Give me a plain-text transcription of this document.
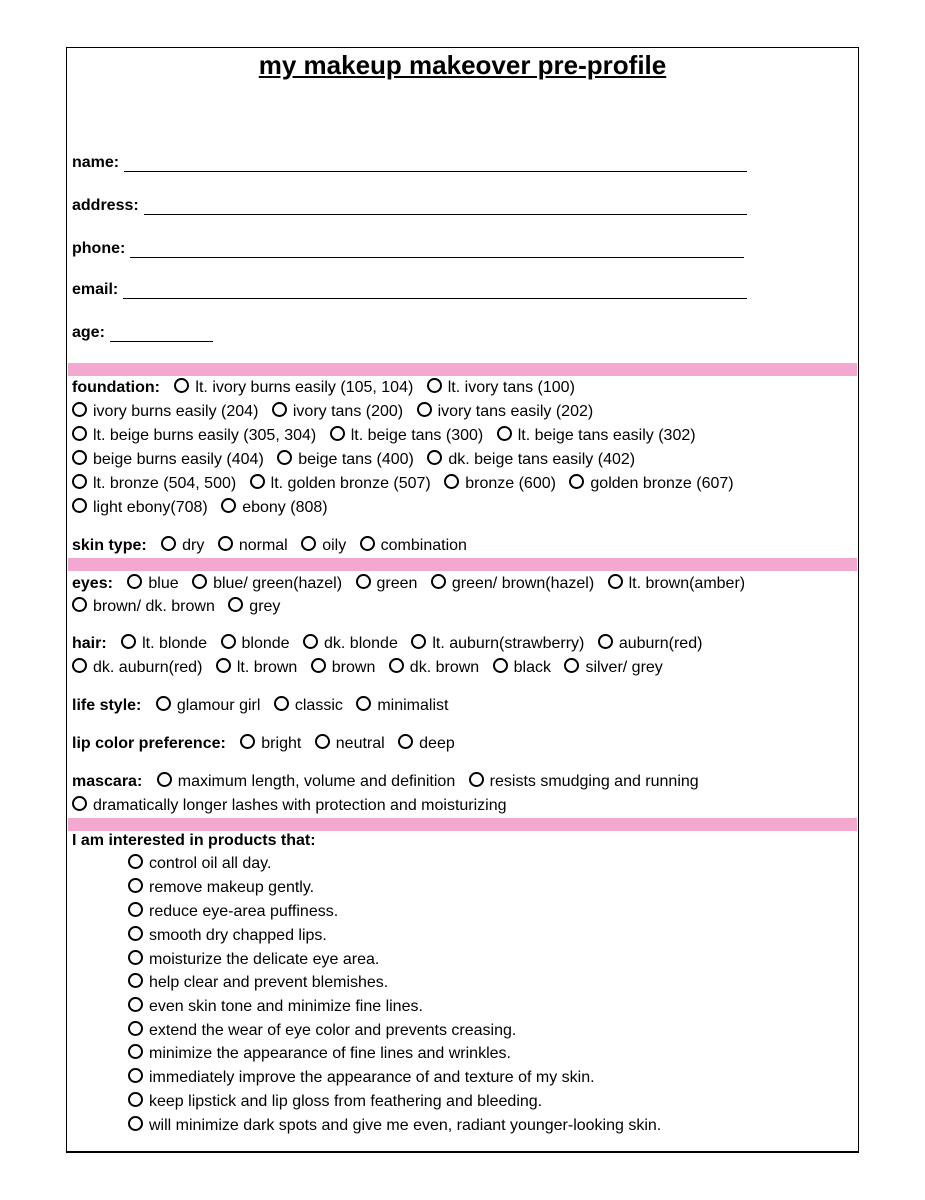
my makeup makeover pre-profile
name:
address:
phone:
email:
age:
foundation: lt. ivory burns easily (105, 104) lt. ivory tans (100)
ivory burns easily (204) ivory tans (200) ivory tans easily (202)
lt. beige burns easily (305, 304) lt. beige tans (300) lt. beige tans easily (302)
beige burns easily (404) beige tans (400) dk. beige tans easily (402)
lt. bronze (504, 500) lt. golden bronze (507) bronze (600) golden bronze (607)
light ebony(708) ebony (808)
skin type: dry normal oily combination
eyes: blue blue/ green(hazel) green green/ brown(hazel) lt. brown(amber)
brown/ dk. brown grey
hair: lt. blonde blonde dk. blonde lt. auburn(strawberry) auburn(red)
dk. auburn(red) lt. brown brown dk. brown black silver/ grey
life style: glamour girl classic minimalist
lip color preference: bright neutral deep
mascara: maximum length, volume and definition resists smudging and running
dramatically longer lashes with protection and moisturizing
I am interested in products that:
control oil all day.
remove makeup gently.
reduce eye-area puffiness.
smooth dry chapped lips.
moisturize the delicate eye area.
help clear and prevent blemishes.
even skin tone and minimize fine lines.
extend the wear of eye color and prevents creasing.
minimize the appearance of fine lines and wrinkles.
immediately improve the appearance of and texture of my skin.
keep lipstick and lip gloss from feathering and bleeding.
will minimize dark spots and give me even, radiant younger-looking skin.
